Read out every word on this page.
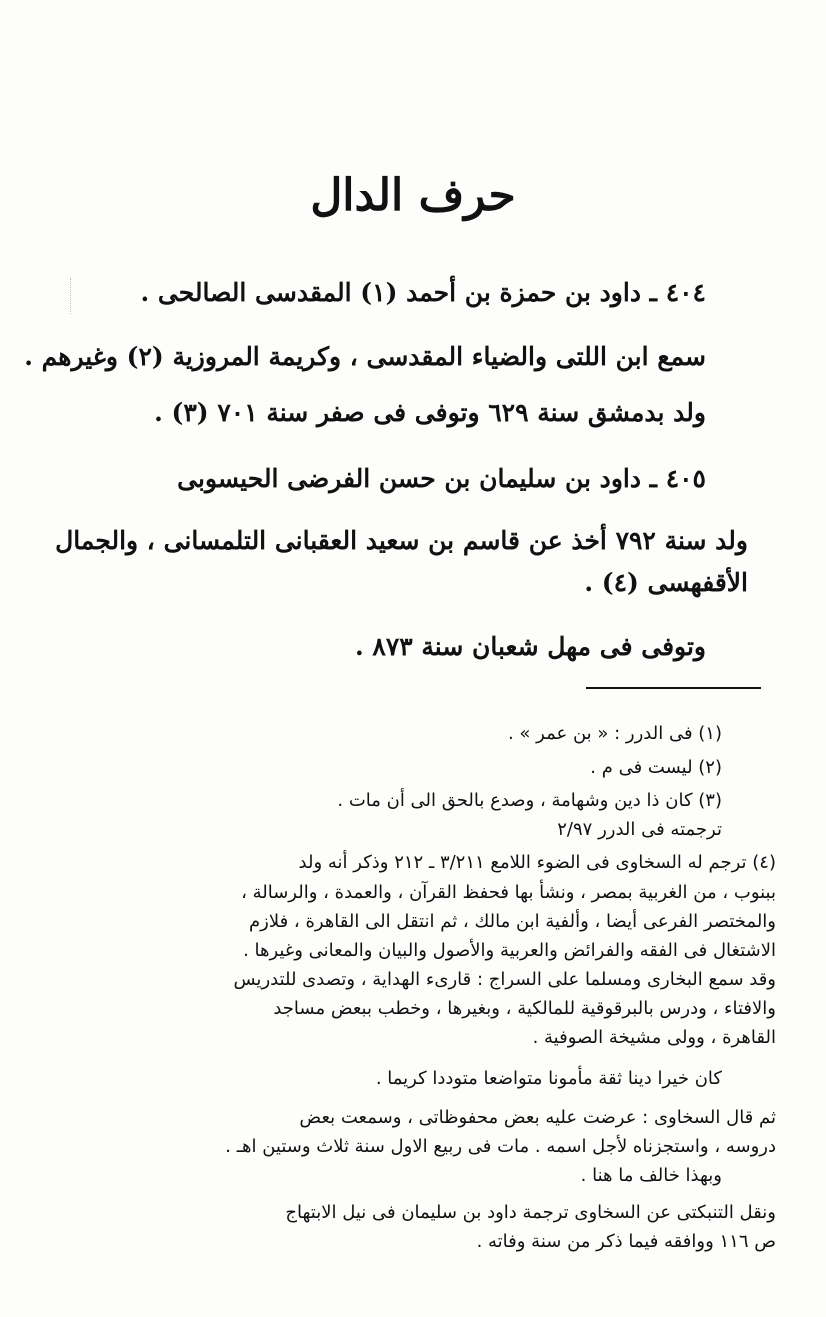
حرف الدال
٤٠٤ ـ داود بن حمزة بن أحمد (١) المقدسى الصالحى .
سمع ابن اللتى والضياء المقدسى ، وكريمة المروزية (٢) وغيرهم .
ولد بدمشق سنة ٦٢٩ وتوفى فى صفر سنة ٧٠١ (٣) .
٤٠٥ ـ داود بن سليمان بن حسن الفرضى الحيسوبى
ولد سنة ٧٩٢ أخذ عن قاسم بن سعيد العقبانى التلمسانى ، والجمال
الأقفهسى (٤) .
وتوفى فى مهل شعبان سنة ٨٧٣ .
(١) فى الدرر : « بن عمر » .
(٢) ليست فى م .
(٣) كان ذا دين وشهامة ، وصدع بالحق الى أن مات .
ترجمته فى الدرر ٢/٩٧
(٤) ترجم له السخاوى فى الضوء اللامع ٣/٢١١ ـ ٢١٢ وذكر أنه ولد
ببنوب ، من الغربية بمصر ، ونشأ بها فحفظ القرآن ، والعمدة ، والرسالة ،
والمختصر الفرعى أيضا ، وألفية ابن مالك ، ثم انتقل الى القاهرة ، فلازم
الاشتغال فى الفقه والفرائض والعربية والأصول والبيان والمعانى وغيرها .
وقد سمع البخارى ومسلما على السراج : قارىء الهداية ، وتصدى للتدريس
والافتاء ، ودرس بالبرقوقية للمالكية ، وبغيرها ، وخطب ببعض مساجد
القاهرة ، وولى مشيخة الصوفية .
كان خيرا دينا ثقة مأمونا متواضعا متوددا كريما .
ثم قال السخاوى : عرضت عليه بعض محفوظاتى ، وسمعت بعض
دروسه ، واستجزناه لأجل اسمه . مات فى ربيع الاول سنة ثلاث وستين اهـ .
وبهذا خالف ما هنا .
ونقل التنبكتى عن السخاوى ترجمة داود بن سليمان فى نيل الابتهاج
ص ١١٦ ووافقه فيما ذكر من سنة وفاته .
